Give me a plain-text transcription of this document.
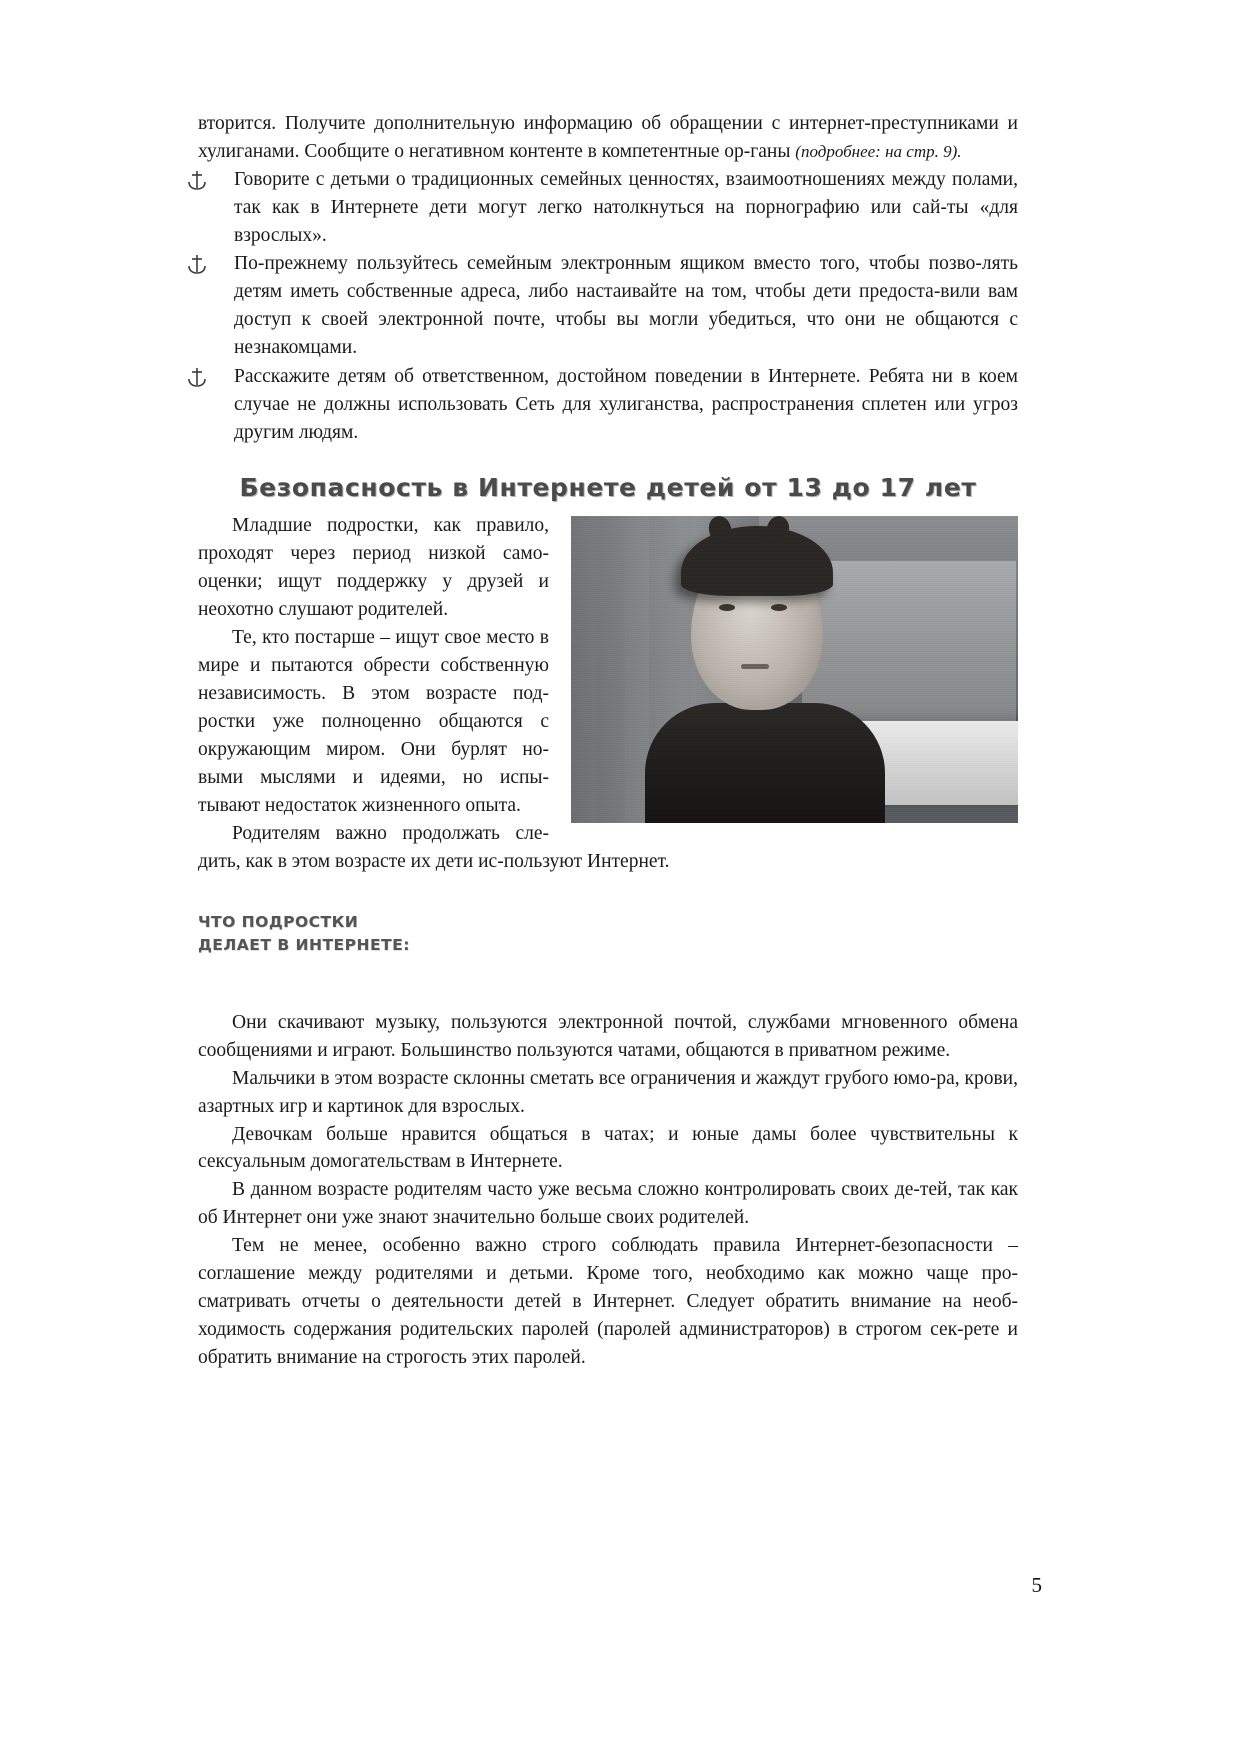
вторится. Получите дополнительную информацию об обращении с интернет-преступниками и хулиганами. Сообщите о негативном контенте в компетентные ор-ганы (подробнее: на стр. 9).

Говорите с детьми о традиционных семейных ценностях, взаимоотношениях между полами, так как в Интернете дети могут легко натолкнуться на порнографию или сай-ты «для взрослых».
По-прежнему пользуйтесь семейным электронным ящиком вместо того, чтобы позво-лять детям иметь собственные адреса, либо настаивайте на том, чтобы дети предоста-вили вам доступ к своей электронной почте, чтобы вы могли убедиться, что они не общаются с незнакомцами.
Расскажите детям об ответственном, достойном поведении в Интернете. Ребята ни в коем случае не должны использовать Сеть для хулиганства, распространения сплетен или угроз другим людям.
Безопасность в Интернете детей от 13 до 17 лет

Младшие подростки, как правило, проходят через период низкой само-оценки; ищут поддержку у друзей и неохотно слушают родителей.

Те, кто постарше – ищут свое место в мире и пытаются обрести собственную независимость. В этом возрасте под-ростки уже полноценно общаются с окружающим миром. Они бурлят но-выми мыслями и идеями, но испы-тывают недостаток жизненного опыта.

Родителям важно продолжать сле-дить, как в этом возрасте их дети ис-пользуют Интернет.

ЧТО ПОДРОСТКИ
ДЕЛАЕТ В ИНТЕРНЕТЕ:

Они скачивают музыку, пользуются электронной почтой, службами мгновенного обмена сообщениями и играют. Большинство пользуются чатами, общаются в приватном режиме.

Мальчики в этом возрасте склонны сметать все ограничения и жаждут грубого юмо-ра, крови, азартных игр и картинок для взрослых.

Девочкам больше нравится общаться в чатах; и юные дамы более чувствительны к сексуальным домогательствам в Интернете.

В данном возрасте родителям часто уже весьма сложно контролировать своих де-тей, так как об Интернет они уже знают значительно больше своих родителей.

Тем не менее, особенно важно строго соблюдать правила Интернет-безопасности – соглашение между родителями и детьми. Кроме того, необходимо как можно чаще про-сматривать отчеты о деятельности детей в Интернет. Следует обратить внимание на необ-ходимость содержания родительских паролей (паролей администраторов) в строгом сек-рете и обратить внимание на строгость этих паролей.

5
